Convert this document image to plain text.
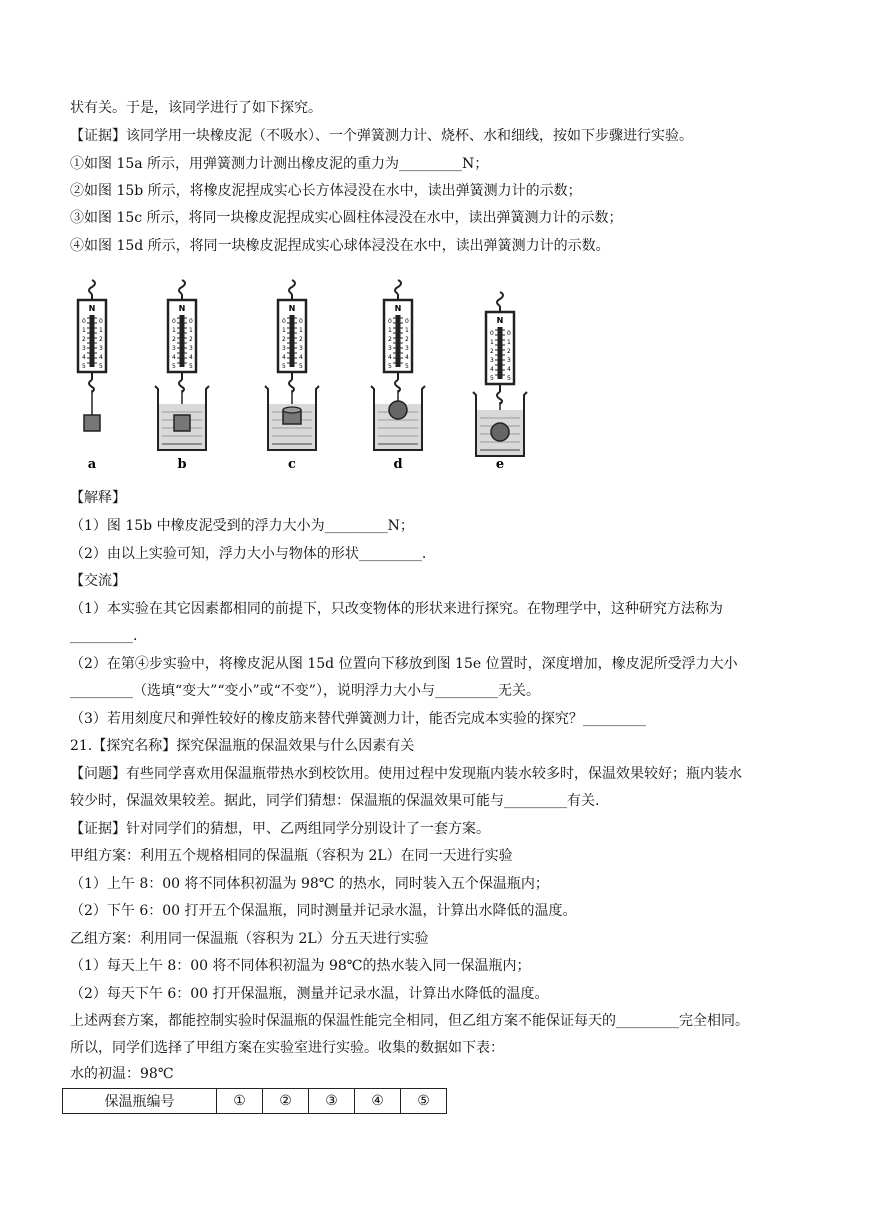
状有关。于是，该同学进行了如下探究。
【证据】该同学用一块橡皮泥（不吸水）、一个弹簧测力计、烧杯、水和细线，按如下步骤进行实验。
①如图 15a 所示，用弹簧测力计测出橡皮泥的重力为_________N；
②如图 15b 所示，将橡皮泥捏成实心长方体浸没在水中，读出弹簧测力计的示数；
③如图 15c 所示，将同一块橡皮泥捏成实心圆柱体浸没在水中，读出弹簧测力计的示数；
④如图 15d 所示，将同一块橡皮泥捏成实心球体浸没在水中，读出弹簧测力计的示数。
N
0 0
1 1
2 2
3 3
4 4
5 5
a
N
0 0
1 1
2 2
3 3
4 4
5 5
b
N
0 0
1 1
2 2
3 3
4 4
5 5
c
N
0 0
1 1
2 2
3 3
4 4
5 5
d
N
0 0
1 1
2 2
3 3
4 4
5 5
e
【解释】
（1）图 15b 中橡皮泥受到的浮力大小为_________N；
（2）由以上实验可知，浮力大小与物体的形状_________.
【交流】
（1）本实验在其它因素都相同的前提下，只改变物体的形状来进行探究。在物理学中，这种研究方法称为
_________.
（2）在第④步实验中，将橡皮泥从图 15d 位置向下移放到图 15e 位置时，深度增加，橡皮泥所受浮力大小
_________（选填“变大”“变小”或“不变”），说明浮力大小与_________无关。
（3）若用刻度尺和弹性较好的橡皮筋来替代弹簧测力计，能否完成本实验的探究？_________
21.【探究名称】探究保温瓶的保温效果与什么因素有关
【问题】有些同学喜欢用保温瓶带热水到校饮用。使用过程中发现瓶内装水较多时，保温效果较好；瓶内装水
较少时，保温效果较差。据此，同学们猜想：保温瓶的保温效果可能与_________有关.
【证据】针对同学们的猜想，甲、乙两组同学分别设计了一套方案。
甲组方案：利用五个规格相同的保温瓶（容积为 2L）在同一天进行实验
（1）上午 8：00 将不同体积初温为 98℃ 的热水，同时装入五个保温瓶内；
（2）下午 6：00 打开五个保温瓶，同时测量并记录水温，计算出水降低的温度。
乙组方案：利用同一保温瓶（容积为 2L）分五天进行实验
（1）每天上午 8：00 将不同体积初温为 98℃的热水装入同一保温瓶内；
（2）每天下午 6：00 打开保温瓶，测量并记录水温，计算出水降低的温度。
上述两套方案，都能控制实验时保温瓶的保温性能完全相同，但乙组方案不能保证每天的_________完全相同。
所以，同学们选择了甲组方案在实验室进行实验。收集的数据如下表：
水的初温：98℃
保温瓶编号	①	②	③	④	⑤
